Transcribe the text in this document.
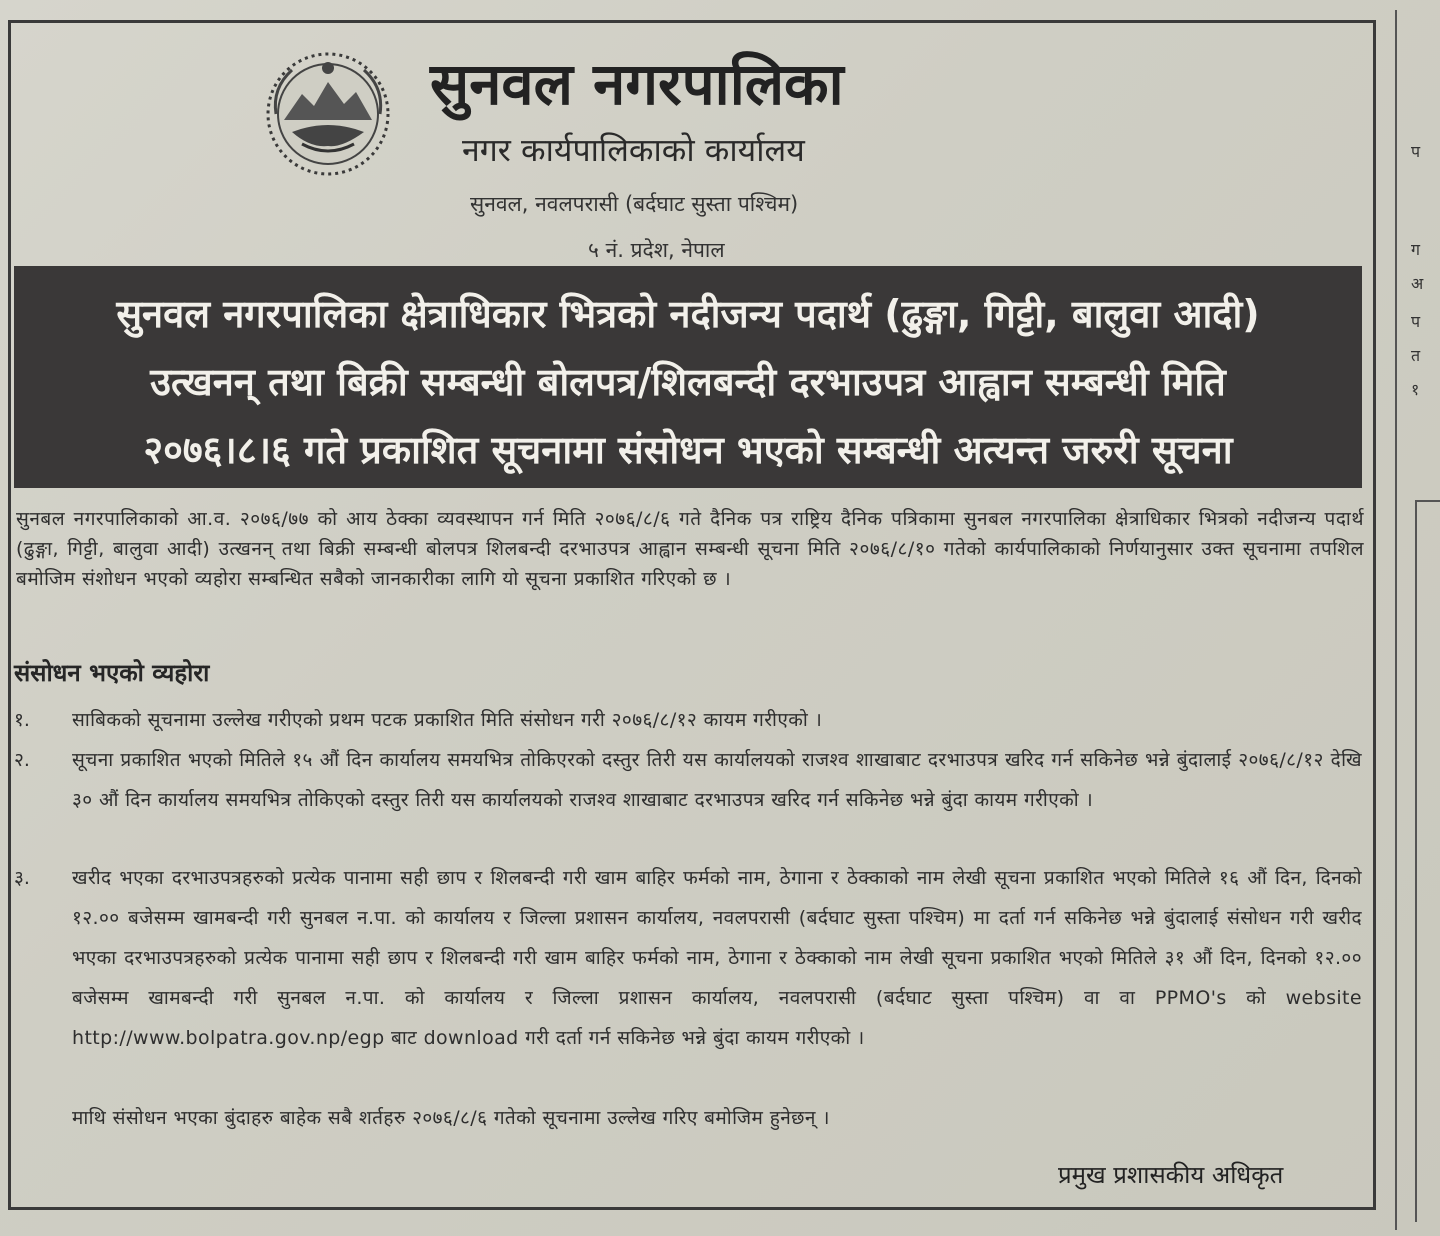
प
ग
अ
प
त
१
सुनवल नगरपालिका
नगर कार्यपालिकाको कार्यालय
सुनवल, नवलपरासी (बर्दघाट सुस्ता पश्चिम)
५ नं. प्रदेश, नेपाल
सुनवल नगरपालिका क्षेत्राधिकार भित्रको नदीजन्य पदार्थ (ढुङ्गा, गिट्टी, बालुवा आदी)
उत्खनन् तथा बिक्री सम्बन्धी बोलपत्र/शिलबन्दी दरभाउपत्र आह्वान सम्बन्धी मिति
२०७६।८।६ गते प्रकाशित सूचनामा संसोधन भएको सम्बन्धी अत्यन्त जरुरी सूचना
सुनबल नगरपालिकाको आ.व. २०७६/७७ को आय ठेक्का व्यवस्थापन गर्न मिति २०७६/८/६ गते दैनिक पत्र राष्ट्रिय दैनिक पत्रिकामा सुनबल नगरपालिका क्षेत्राधिकार भित्रको नदीजन्य पदार्थ (ढुङ्गा, गिट्टी, बालुवा आदी) उत्खनन् तथा बिक्री सम्बन्धी बोलपत्र शिलबन्दी दरभाउपत्र आह्वान सम्बन्धी सूचना मिति २०७६/८/१० गतेको कार्यपालिकाको निर्णयानुसार उक्त सूचनामा तपशिल बमोजिम संशोधन भएको व्यहोरा सम्बन्धित सबैको जानकारीका लागि यो सूचना प्रकाशित गरिएको छ ।
संसोधन भएको व्यहोरा
१.	साबिकको सूचनामा उल्लेख गरीएको प्रथम पटक प्रकाशित मिति संसोधन गरी २०७६/८/१२ कायम गरीएको ।
२.	सूचना प्रकाशित भएको मितिले १५ औं दिन कार्यालय समयभित्र तोकिएरको दस्तुर तिरी यस कार्यालयको राजश्व शाखाबाट दरभाउपत्र खरिद गर्न सकिनेछ भन्ने बुंदालाई २०७६/८/१२ देखि ३० औं दिन कार्यालय समयभित्र तोकिएको दस्तुर तिरी यस कार्यालयको राजश्व शाखाबाट दरभाउपत्र खरिद गर्न सकिनेछ भन्ने बुंदा कायम गरीएको ।
३.	खरीद भएका दरभाउपत्रहरुको प्रत्येक पानामा सही छाप र शिलबन्दी गरी खाम बाहिर फर्मको नाम, ठेगाना र ठेक्काको नाम लेखी सूचना प्रकाशित भएको मितिले १६ औं दिन, दिनको १२.०० बजेसम्म खामबन्दी गरी सुनबल न.पा. को कार्यालय र जिल्ला प्रशासन कार्यालय, नवलपरासी (बर्दघाट सुस्ता पश्चिम) मा दर्ता गर्न सकिनेछ भन्ने बुंदालाई संसोधन गरी खरीद भएका दरभाउपत्रहरुको प्रत्येक पानामा सही छाप र शिलबन्दी गरी खाम बाहिर फर्मको नाम, ठेगाना र ठेक्काको नाम लेखी सूचना प्रकाशित भएको मितिले ३१ औं दिन, दिनको १२.०० बजेसम्म खामबन्दी गरी सुनबल न.पा. को कार्यालय र जिल्ला प्रशासन कार्यालय, नवलपरासी (बर्दघाट सुस्ता पश्चिम) वा वा PPMO's को website http://www.bolpatra.gov.np/egp बाट download गरी दर्ता गर्न सकिनेछ भन्ने बुंदा कायम गरीएको ।
माथि संसोधन भएका बुंदाहरु बाहेक सबै शर्तहरु २०७६/८/६ गतेको सूचनामा उल्लेख गरिए बमोजिम हुनेछन् ।
प्रमुख प्रशासकीय अधिकृत
